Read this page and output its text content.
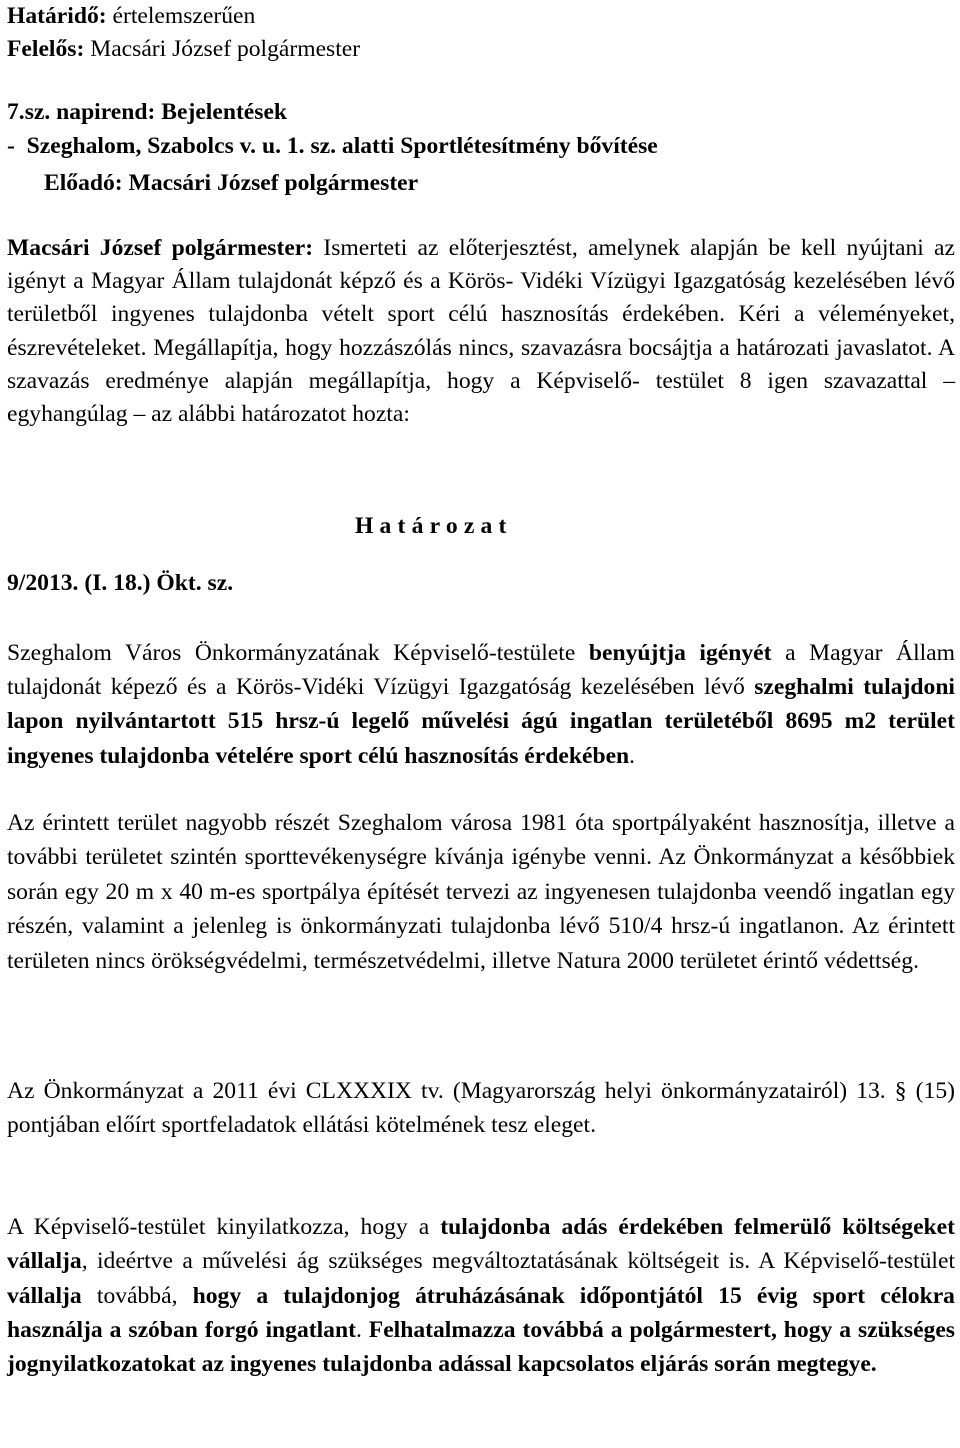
Határidő: értelemszerűen

Felelős: Macsári József polgármester

7.sz. napirend: Bejelentések

-  Szeghalom, Szabolcs v. u. 1. sz. alatti Sportlétesítmény bővítése

Előadó: Macsári József polgármester

Macsári József polgármester: Ismerteti az előterjesztést, amelynek alapján be kell nyújtani az igényt a Magyar Állam tulajdonát képző és a Körös- Vidéki Vízügyi Igazgatóság kezelésében lévő területből ingyenes tulajdonba vételt sport célú hasznosítás érdekében. Kéri a véleményeket, észrevételeket. Megállapítja, hogy hozzászólás nincs, szavazásra bocsájtja a határozati javaslatot. A szavazás eredménye alapján megállapítja, hogy a Képviselő- testület 8 igen szavazattal – egyhangúlag – az alábbi határozatot hozta:

Határozat

9/2013. (I. 18.) Ökt. sz.

Szeghalom Város Önkormányzatának Képviselő-testülete benyújtja igényét a Magyar Állam tulajdonát képező és a Körös-Vidéki Vízügyi Igazgatóság kezelésében lévő szeghalmi tulajdoni lapon nyilvántartott 515 hrsz-ú legelő művelési ágú ingatlan területéből 8695 m2 terület ingyenes tulajdonba vételére sport célú hasznosítás érdekében.

Az érintett terület nagyobb részét Szeghalom városa 1981 óta sportpályaként hasznosítja, illetve a további területet szintén sporttevékenységre kívánja igénybe venni. Az Önkormányzat a későbbiek során egy 20 m x 40 m-es sportpálya építését tervezi az ingyenesen tulajdonba veendő ingatlan egy részén, valamint a jelenleg is önkormányzati tulajdonba lévő 510/4 hrsz-ú ingatlanon. Az érintett területen nincs örökségvédelmi, természetvédelmi, illetve Natura 2000 területet érintő védettség.

Az Önkormányzat a 2011 évi CLXXXIX tv. (Magyarország helyi önkormányzatairól) 13. § (15) pontjában előírt sportfeladatok ellátási kötelmének tesz eleget.

A Képviselő-testület kinyilatkozza, hogy a tulajdonba adás érdekében felmerülő költségeket vállalja, ideértve a művelési ág szükséges megváltoztatásának költségeit is. A Képviselő-testület vállalja továbbá, hogy a tulajdonjog átruházásának időpontjától 15 évig sport célokra használja a szóban forgó ingatlant. Felhatalmazza továbbá a polgármestert, hogy a szükséges jognyilatkozatokat az ingyenes tulajdonba adással kapcsolatos eljárás során megtegye.
